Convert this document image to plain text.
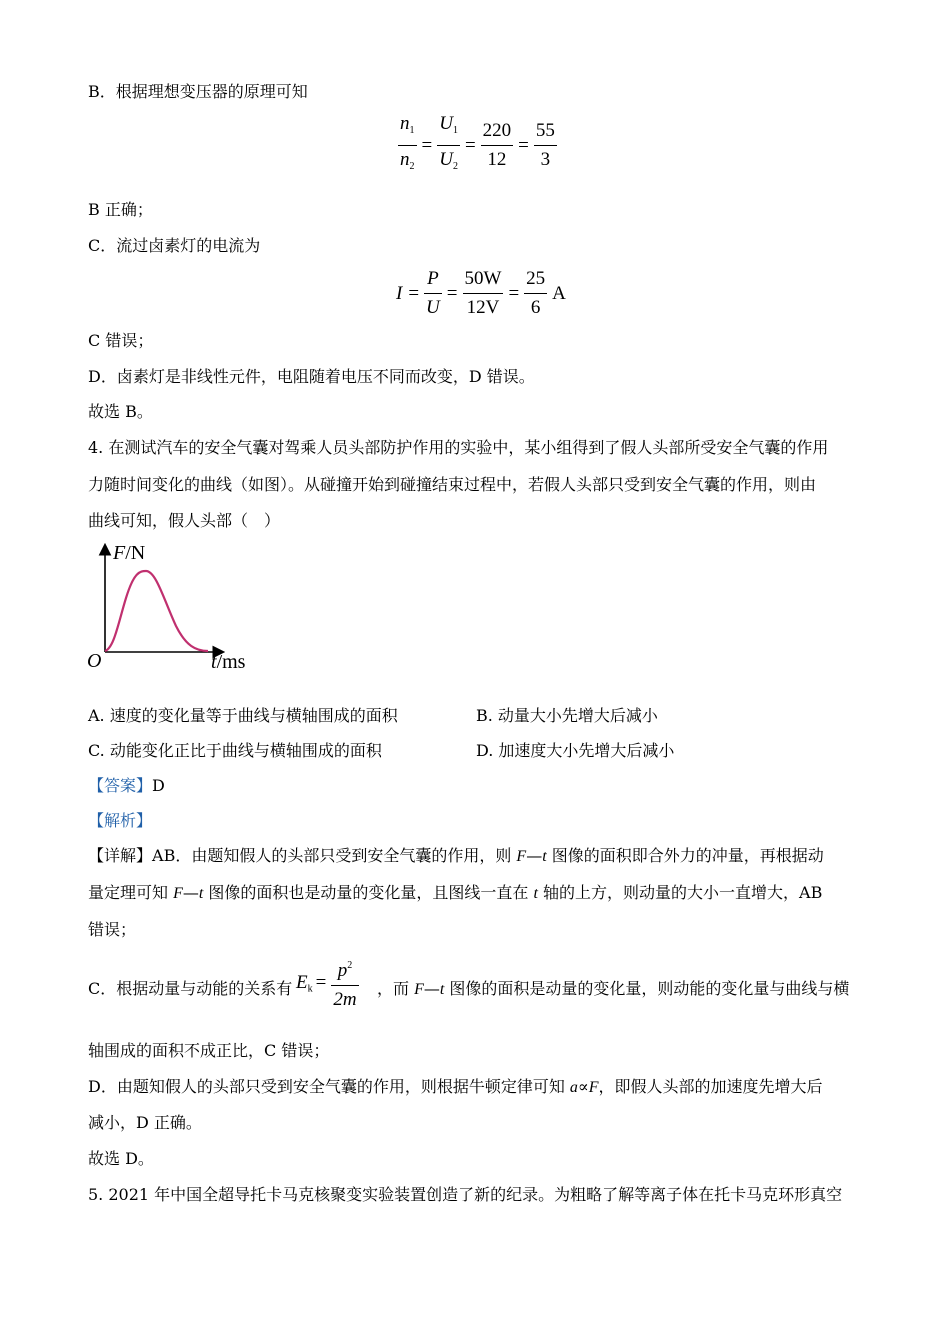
B．根据理想变压器的原理可知
$\frac{n_1}{n_2} = \frac{U_1}{U_2} = \frac{220}{12} = \frac{55}{3}$
B 正确；
C．流过卤素灯的电流为
$I = \frac{P}{U} = \frac{50W}{12V} = \frac{25}{6}$ A
C 错误；
D．卤素灯是非线性元件，电阻随着电压不同而改变，D 错误。
故选 B。
4. 在测试汽车的安全气囊对驾乘人员头部防护作用的实验中，某小组得到了假人头部所受安全气囊的作用
力随时间变化的曲线（如图）。从碰撞开始到碰撞结束过程中，若假人头部只受到安全气囊的作用，则由
曲线可知，假人头部（　）
F/N
t/ms
O
A. 速度的变化量等于曲线与横轴围成的面积	B. 动量大小先增大后减小
C. 动能变化正比于曲线与横轴围成的面积	D. 加速度大小先增大后减小
【答案】D
【解析】
【详解】AB．由题知假人的头部只受到安全气囊的作用，则 F—t 图像的面积即合外力的冲量，再根据动
量定理可知 F—t 图像的面积也是动量的变化量，且图线一直在 t 轴的上方，则动量的大小一直增大，AB
错误；
C．根据动量与动能的关系有 $E_k = \frac{p^2}{2m}$ ，而 F—t 图像的面积是动量的变化量，则动能的变化量与曲线与横
轴围成的面积不成正比，C 错误；
D．由题知假人的头部只受到安全气囊的作用，则根据牛顿定律可知 a∝F，即假人头部的加速度先增大后
减小，D 正确。
故选 D。
5. 2021 年中国全超导托卡马克核聚变实验装置创造了新的纪录。为粗略了解等离子体在托卡马克环形真空
